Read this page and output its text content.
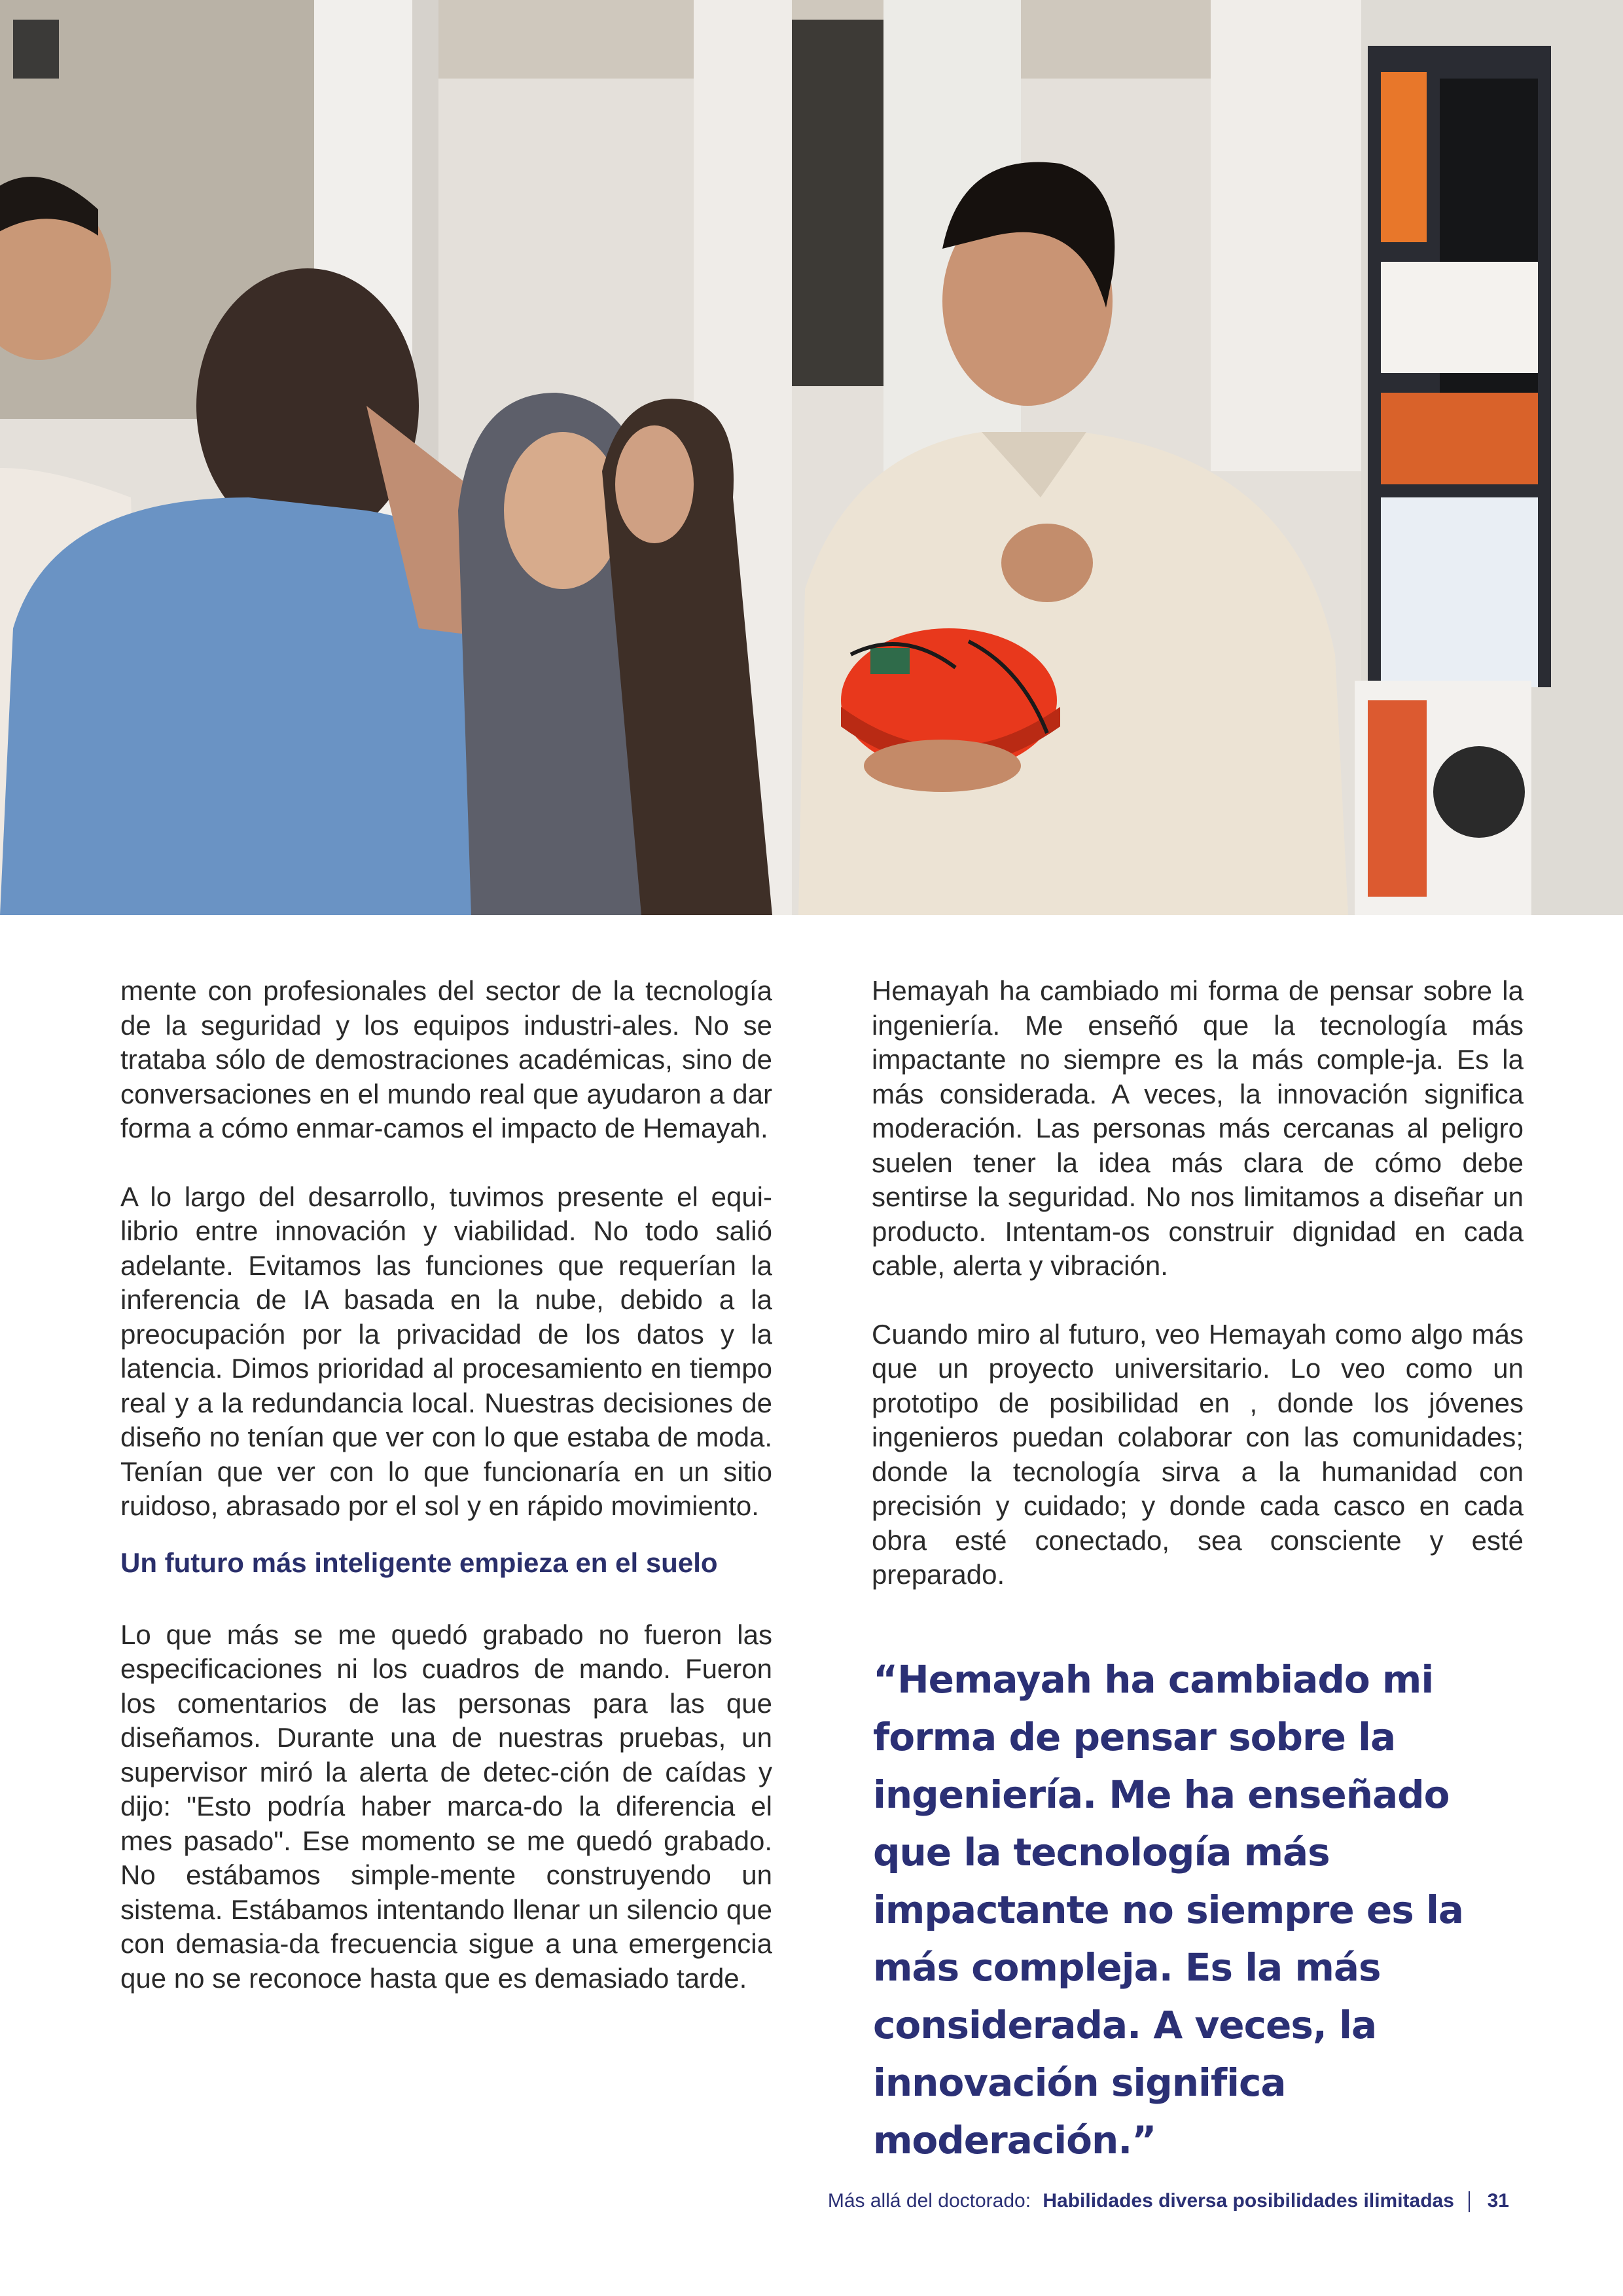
mente con profesionales del sector de la tecnología de la seguridad y los equipos industri-ales. No se trataba sólo de demostraciones académicas, sino de conversaciones en el mundo real que ayudaron a dar forma a cómo enmar-camos el impacto de Hemayah.

A lo largo del desarrollo, tuvimos presente el equi-librio entre innovación y viabilidad. No todo salió adelante. Evitamos las funciones que requerían la inferencia de IA basada en la nube, debido a la preocupación por la privacidad de los datos y la latencia. Dimos prioridad al procesamiento en tiempo real y a la redundancia local. Nuestras decisiones de diseño no tenían que ver con lo que estaba de moda. Tenían que ver con lo que funcionaría en un sitio ruidoso, abrasado por el sol y en rápido movimiento.

Un futuro más inteligente empieza en el suelo

Lo que más se me quedó grabado no fueron las especificaciones ni los cuadros de mando. Fueron los comentarios de las personas para las que diseñamos. Durante una de nuestras pruebas, un supervisor miró la alerta de detec-ción de caídas y dijo: "Esto podría haber marca-do la diferencia el mes pasado". Ese momento se me quedó grabado. No estábamos simple-mente construyendo un sistema. Estábamos intentando llenar un silencio que con demasia-da frecuencia sigue a una emergencia que no se reconoce hasta que es demasiado tarde.

Hemayah ha cambiado mi forma de pensar sobre la ingeniería. Me enseñó que la tecnología más impactante no siempre es la más comple-ja. Es la más considerada. A veces, la innovación significa moderación. Las personas más cercanas al peligro suelen tener la idea más clara de cómo debe sentirse la seguridad. No nos limitamos a diseñar un producto. Intentam-os construir dignidad en cada cable, alerta y vibración.

Cuando miro al futuro, veo Hemayah como algo más que un proyecto universitario. Lo veo como un prototipo de posibilidad en , donde los jóvenes ingenieros puedan colaborar con las comunidades; donde la tecnología sirva a la humanidad con precisión y cuidado; y donde cada casco en cada obra esté conectado, sea consciente y esté preparado.

“Hemayah ha cambiado mi forma de pensar sobre la ingeniería. Me ha enseñado que la tecnología más impactante no siempre es la más compleja. Es la más considerada. A veces, la innovación significa moderación.”

Más allá del doctorado: Habilidades diversa posibilidades ilimitadas 31
